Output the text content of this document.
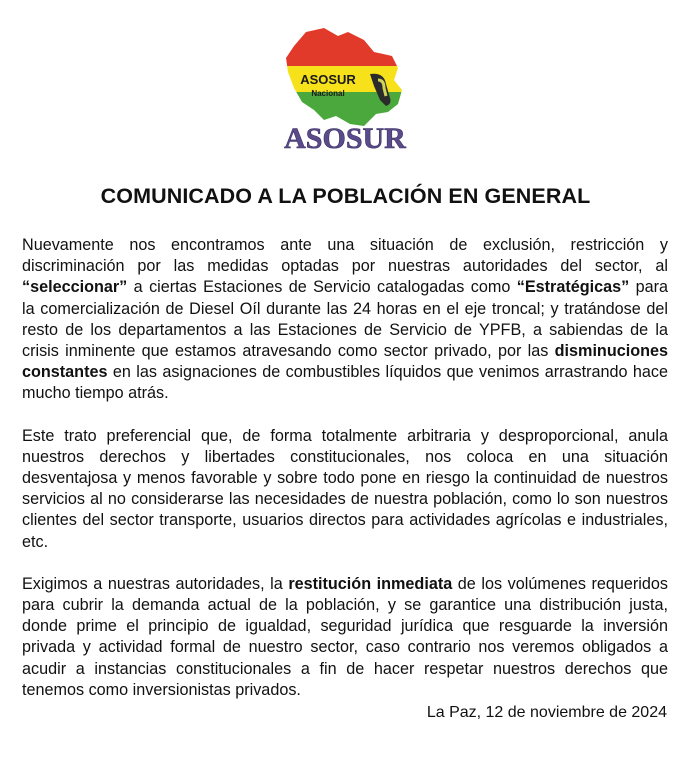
ASOSUR
Nacional
ASOSUR
COMUNICADO A LA POBLACIÓN EN GENERAL

Nuevamente nos encontramos ante una situación de exclusión, restricción y discriminación por las medidas optadas por nuestras autoridades del sector, al “seleccionar” a ciertas Estaciones de Servicio catalogadas como “Estratégicas” para la comercialización de Diesel Oíl durante las 24 horas en el eje troncal; y tratándose del resto de los departamentos a las Estaciones de Servicio de YPFB, a sabiendas de la crisis inminente que estamos atravesando como sector privado, por las disminuciones constantes en las asignaciones de combustibles líquidos que venimos arrastrando hace mucho tiempo atrás.

Este trato preferencial que, de forma totalmente arbitraria y desproporcional, anula nuestros derechos y libertades constitucionales, nos coloca en una situación desventajosa y menos favorable y sobre todo pone en riesgo la continuidad de nuestros servicios al no considerarse las necesidades de nuestra población, como lo son nuestros clientes del sector transporte, usuarios directos para actividades agrícolas e industriales, etc.

Exigimos a nuestras autoridades, la restitución inmediata de los volúmenes requeridos para cubrir la demanda actual de la población, y se garantice una distribución justa, donde prime el principio de igualdad, seguridad jurídica que resguarde la inversión privada y actividad formal de nuestro sector, caso contrario nos veremos obligados a acudir a instancias constitucionales a fin de hacer respetar nuestros derechos que tenemos como inversionistas privados.

La Paz, 12 de noviembre de 2024
